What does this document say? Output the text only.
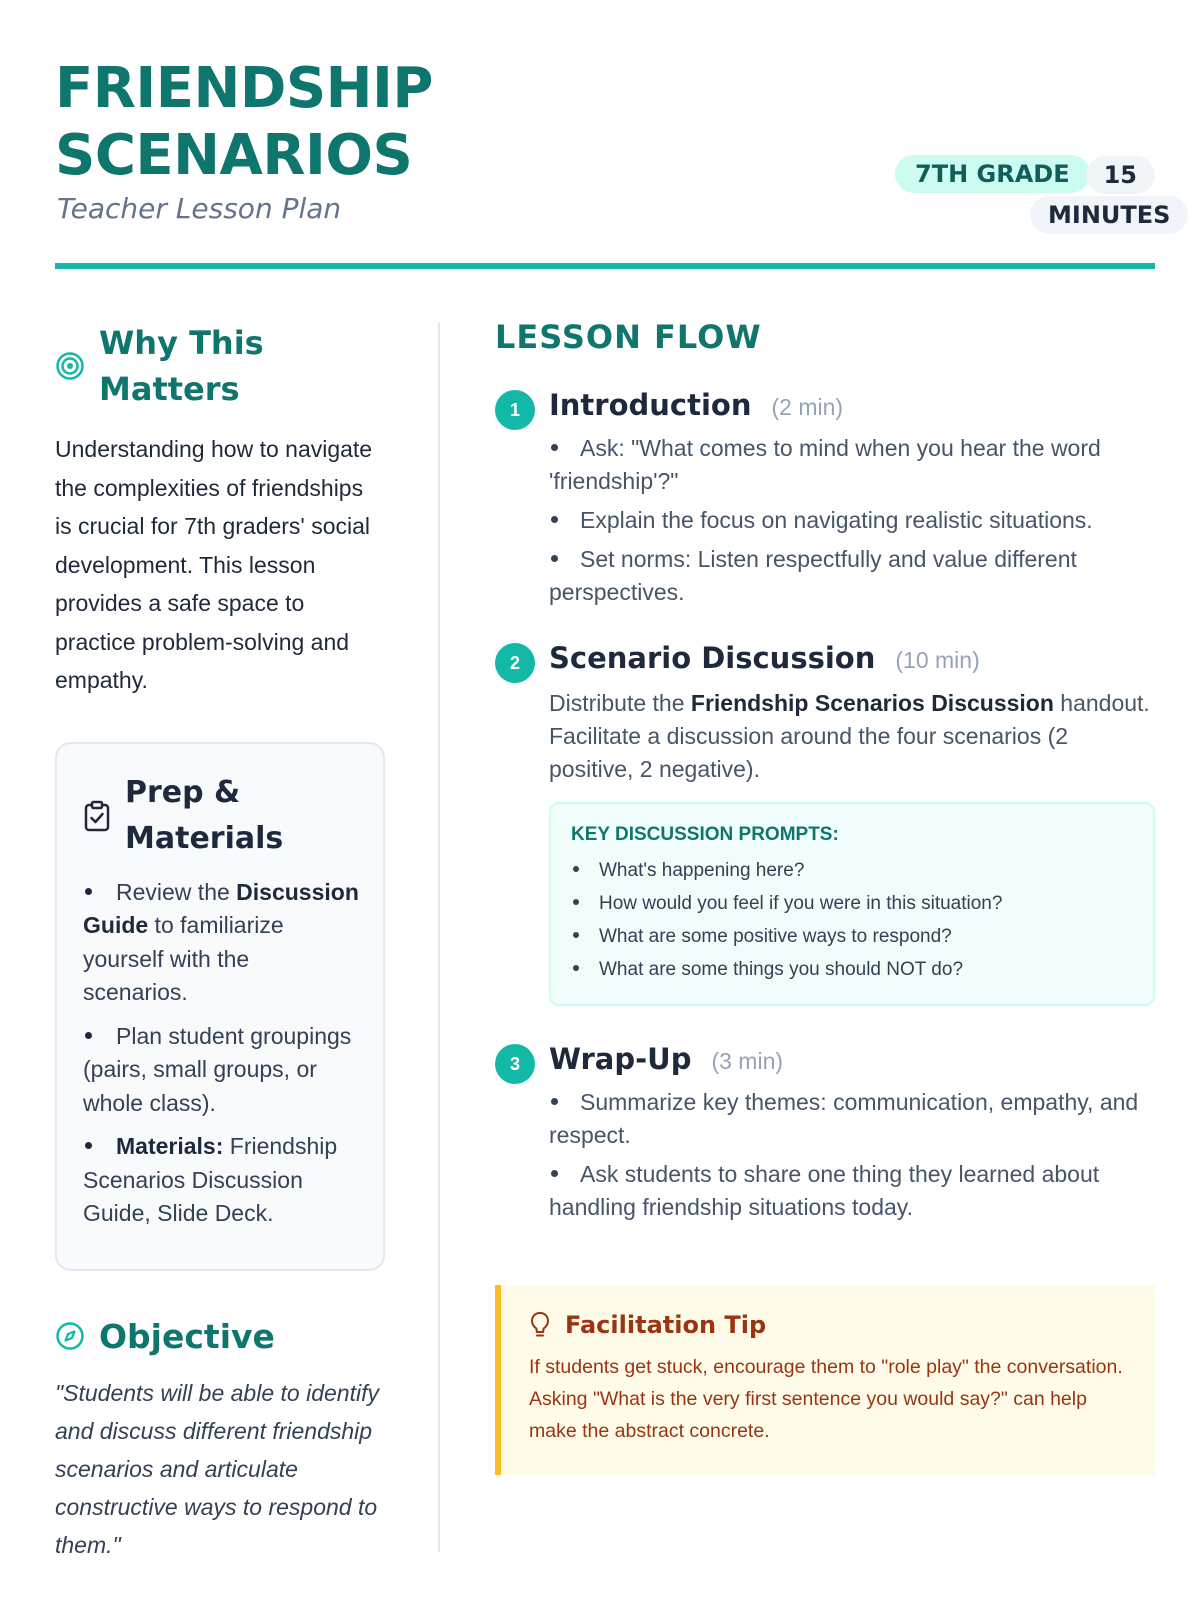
FRIENDSHIP
SCENARIOS
Teacher Lesson Plan
7TH GRADE	15 MINUTES
Why This Matters
Understanding how to navigate the complexities of friendships is crucial for 7th graders' social development. This lesson provides a safe space to practice problem-solving and empathy.
Prep & Materials
Review the Discussion Guide to familiarize yourself with the scenarios.
Plan student groupings (pairs, small groups, or whole class).
Materials: Friendship Scenarios Discussion Guide, Slide Deck.
Objective
"Students will be able to identify and discuss different friendship scenarios and articulate constructive ways to respond to them."
LESSON FLOW
1	Introduction (2 min)
Ask: "What comes to mind when you hear the word 'friendship'?"
Explain the focus on navigating realistic situations.
Set norms: Listen respectfully and value different perspectives.
2	Scenario Discussion (10 min)

Distribute the Friendship Scenarios Discussion handout. Facilitate a discussion around the four scenarios (2 positive, 2 negative).

KEY DISCUSSION PROMPTS:
What's happening here?
How would you feel if you were in this situation?
What are some positive ways to respond?
What are some things you should NOT do?
3	Wrap-Up (3 min)
Summarize key themes: communication, empathy, and respect.
Ask students to share one thing they learned about handling friendship situations today.
Facilitation Tip
If students get stuck, encourage them to "role play" the conversation. Asking "What is the very first sentence you would say?" can help make the abstract concrete.
